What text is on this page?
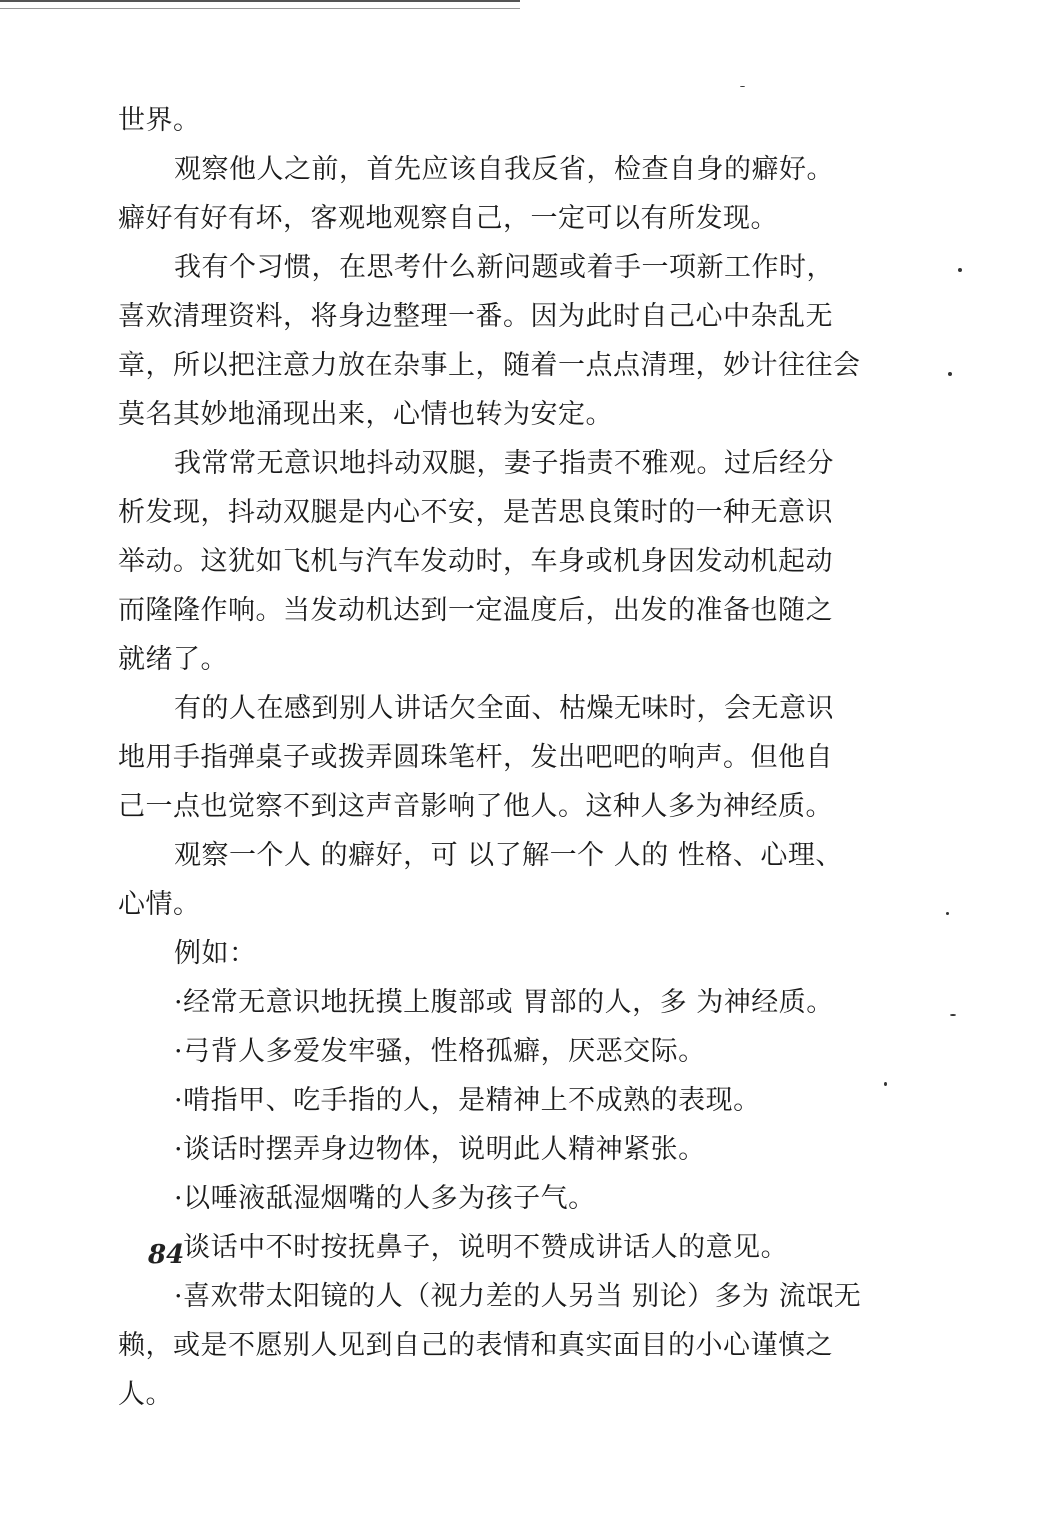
世界。
观察他人之前，首先应该自我反省，检查自身的癖好。
癖好有好有坏，客观地观察自己，一定可以有所发现。
我有个习惯，在思考什么新问题或着手一项新工作时，
喜欢清理资料，将身边整理一番。因为此时自己心中杂乱无
章，所以把注意力放在杂事上，随着一点点清理，妙计往往会
莫名其妙地涌现出来，心情也转为安定。
我常常无意识地抖动双腿，妻子指责不雅观。过后经分
析发现，抖动双腿是内心不安，是苦思良策时的一种无意识
举动。这犹如飞机与汽车发动时，车身或机身因发动机起动
而隆隆作响。当发动机达到一定温度后，出发的准备也随之
就绪了。
有的人在感到别人讲话欠全面、枯燥无味时，会无意识
地用手指弹桌子或拨弄圆珠笔杆，发出吧吧的响声。但他自
己一点也觉察不到这声音影响了他人。这种人多为神经质。
观察一个人 的癖好，可 以了解一个 人的 性格、心理、
心情。
例如：
·经常无意识地抚摸上腹部或 胃部的人，多 为神经质。
·弓背人多爱发牢骚，性格孤癖，厌恶交际。
·啃指甲、吃手指的人，是精神上不成熟的表现。
·谈话时摆弄身边物体，说明此人精神紧张。
·以唾液舐湿烟嘴的人多为孩子气。
·谈话中不时按抚鼻子，说明不赞成讲话人的意见。
·喜欢带太阳镜的人（视力差的人另当 别论）多为 流氓无
赖，或是不愿别人见到自己的表情和真实面目的小心谨慎之
人。
84
